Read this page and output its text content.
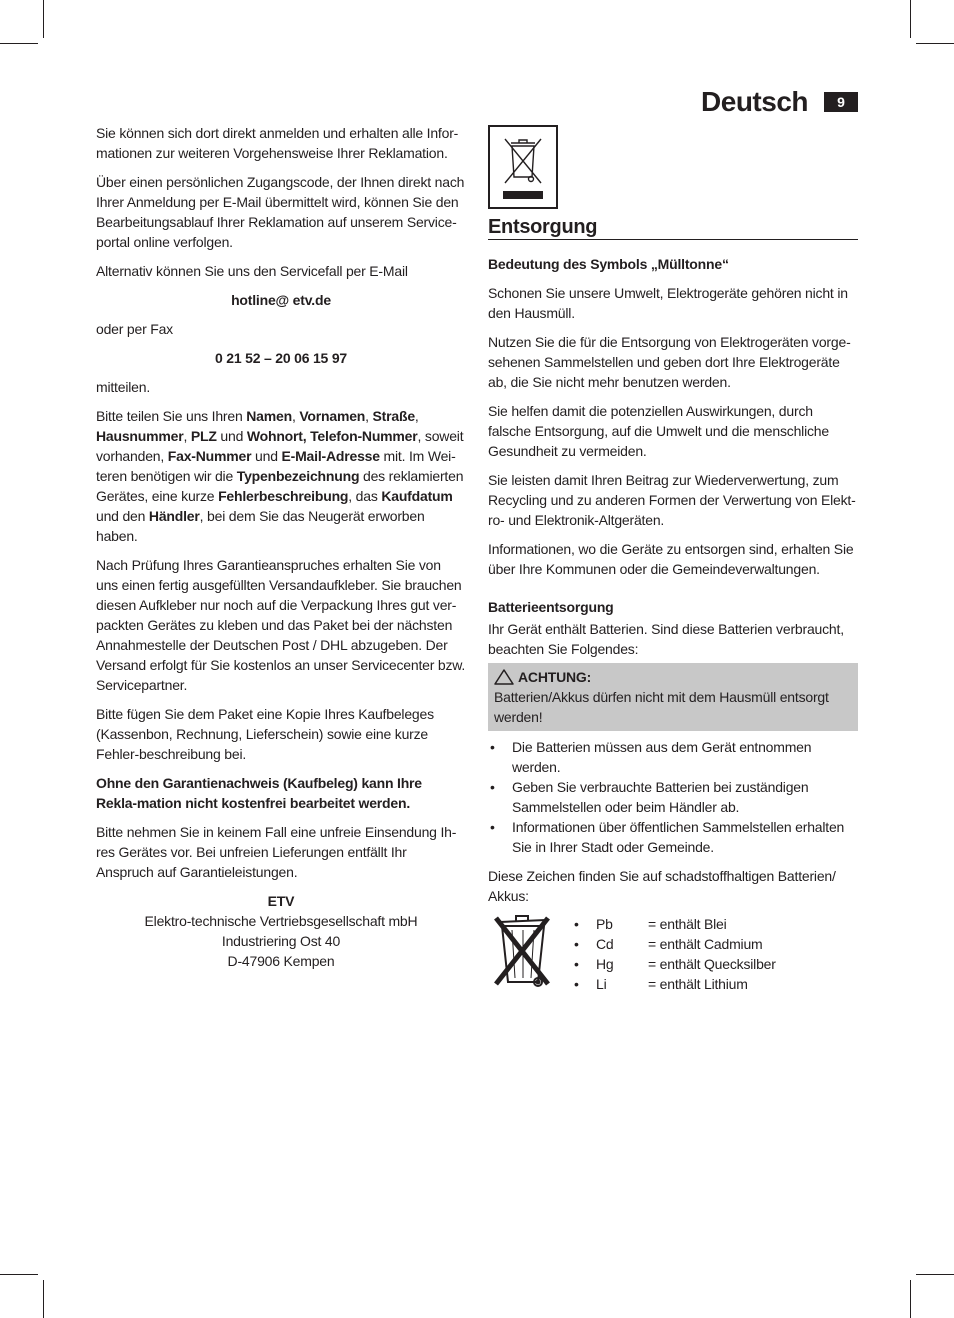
Deutsch	9

Sie können sich dort direkt anmelden und erhalten alle Infor-mationen zur weiteren Vorgehensweise Ihrer Reklamation.

Über einen persönlichen Zugangscode, der Ihnen direkt nach Ihrer Anmeldung per E-Mail übermittelt wird, können Sie den Bearbeitungsablauf Ihrer Reklamation auf unserem Service-portal online verfolgen.

Alternativ können Sie uns den Servicefall per E-Mail

hotline@ etv.de

oder per Fax

0 21 52 – 20 06 15 97

mitteilen.

Bitte teilen Sie uns Ihren Namen, Vornamen, Straße, Hausnummer, PLZ und Wohnort, Telefon-Nummer, soweit vorhanden, Fax-Nummer und E-Mail-Adresse mit. Im Wei-teren benötigen wir die Typenbezeichnung des reklamierten Gerätes, eine kurze Fehlerbeschreibung, das Kaufdatum und den Händler, bei dem Sie das Neugerät erworben haben.

Nach Prüfung Ihres Garantieanspruches erhalten Sie von uns einen fertig ausgefüllten Versandaufkleber. Sie brauchen diesen Aufkleber nur noch auf die Verpackung Ihres gut ver-packten Gerätes zu kleben und das Paket bei der nächsten Annahmestelle der Deutschen Post / DHL abzugeben. Der Versand erfolgt für Sie kostenlos an unser Servicecenter bzw. Servicepartner.

Bitte fügen Sie dem Paket eine Kopie Ihres Kaufbeleges (Kassenbon, Rechnung, Lieferschein) sowie eine kurze Fehler-beschreibung bei.

Ohne den Garantienachweis (Kaufbeleg) kann Ihre Rekla-mation nicht kostenfrei bearbeitet werden.

Bitte nehmen Sie in keinem Fall eine unfreie Einsendung Ih-res Gerätes vor. Bei unfreien Lieferungen entfällt Ihr Anspruch auf Garantieleistungen.

ETV
Elektro-technische Vertriebsgesellschaft mbH
Industriering Ost 40
D-47906 Kempen
Entsorgung

Bedeutung des Symbols „Mülltonne“

Schonen Sie unsere Umwelt, Elektrogeräte gehören nicht in den Hausmüll.

Nutzen Sie die für die Entsorgung von Elektrogeräten vorge-sehenen Sammelstellen und geben dort Ihre Elektrogeräte ab, die Sie nicht mehr benutzen werden.

Sie helfen damit die potenziellen Auswirkungen, durch falsche Entsorgung, auf die Umwelt und die menschliche Gesundheit zu vermeiden.

Sie leisten damit Ihren Beitrag zur Wiederverwertung, zum Recycling und zu anderen Formen der Verwertung von Elekt-ro- und Elektronik-Altgeräten.

Informationen, wo die Geräte zu entsorgen sind, erhalten Sie über Ihre Kommunen oder die Gemeindeverwaltungen.

Batterieentsorgung

Ihr Gerät enthält Batterien. Sind diese Batterien verbraucht, beachten Sie Folgendes:

ACHTUNG:
Batterien/Akkus dürfen nicht mit dem Hausmüll entsorgt werden!
• Die Batterien müssen aus dem Gerät entnommen werden.
• Geben Sie verbrauchte Batterien bei zuständigen Sammelstellen oder beim Händler ab.
• Informationen über öffentlichen Sammelstellen erhalten Sie in Ihrer Stadt oder Gemeinde.

Diese Zeichen finden Sie auf schadstoffhaltigen Batterien/ Akkus:

• Pb	= enthält Blei
• Cd	= enthält Cadmium
• Hg	= enthält Quecksilber
• Li	= enthält Lithium
